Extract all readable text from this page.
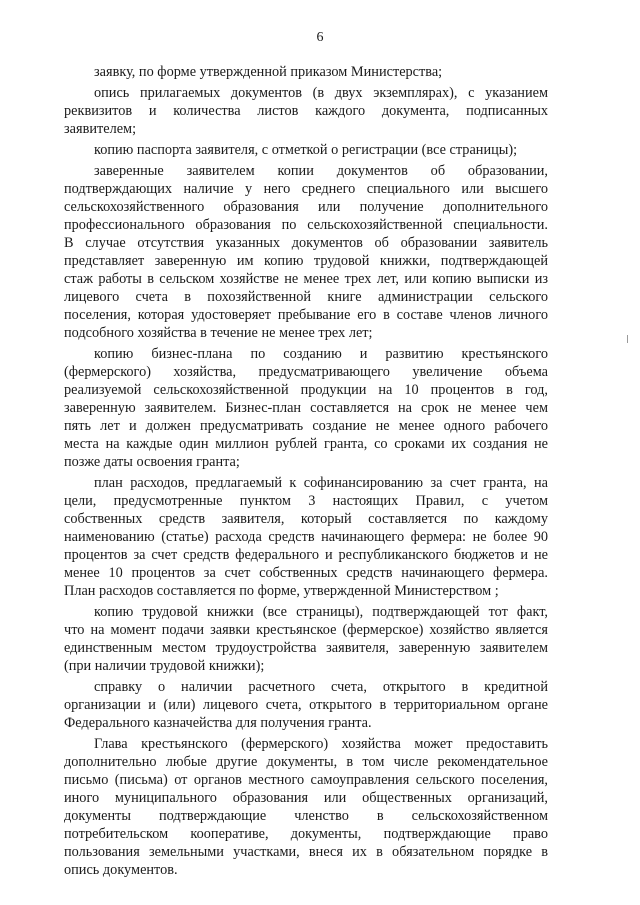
6
заявку, по форме утвержденной приказом Министерства;
опись прилагаемых документов (в двух экземплярах), с указанием
реквизитов и количества листов каждого документа, подписанных
заявителем;
копию паспорта заявителя, с отметкой о регистрации (все страницы);
заверенные заявителем копии документов об образовании,
подтверждающих наличие у него среднего специального или высшего
сельскохозяйственного образования или получение дополнительного
профессионального образования по сельскохозяйственной специальности.
В случае отсутствия указанных документов об образовании заявитель
представляет заверенную им копию трудовой книжки, подтверждающей
стаж работы в сельском хозяйстве не менее трех лет, или копию выписки из
лицевого счета в похозяйственной книге администрации сельского
поселения, которая удостоверяет пребывание его в составе членов личного
подсобного хозяйства в течение не менее трех лет;
копию бизнес-плана по созданию и развитию крестьянского
(фермерского) хозяйства, предусматривающего увеличение объема
реализуемой сельскохозяйственной продукции на 10 процентов в год,
заверенную заявителем. Бизнес-план составляется на срок не менее чем
пять лет и должен предусматривать создание не менее одного рабочего
места на каждые один миллион рублей гранта, со сроками их создания не
позже даты освоения гранта;
план расходов, предлагаемый к софинансированию за счет гранта, на
цели, предусмотренные пунктом 3 настоящих Правил, с учетом
собственных средств заявителя, который составляется по каждому
наименованию (статье) расхода средств начинающего фермера: не более 90
процентов за счет средств федерального и республиканского бюджетов и не
менее 10 процентов за счет собственных средств начинающего фермера.
План расходов составляется по форме, утвержденной Министерством ;
копию трудовой книжки (все страницы), подтверждающей тот факт,
что на момент подачи заявки крестьянское (фермерское) хозяйство является
единственным местом трудоустройства заявителя, заверенную заявителем
(при наличии трудовой книжки);
справку о наличии расчетного счета, открытого в кредитной
организации и (или) лицевого счета, открытого в территориальном органе
Федерального казначейства для получения гранта.
Глава крестьянского (фермерского) хозяйства может предоставить
дополнительно любые другие документы, в том числе рекомендательное
письмо (письма) от органов местного самоуправления сельского поселения,
иного муниципального образования или общественных организаций,
документы подтверждающие членство в сельскохозяйственном
потребительском кооперативе, документы, подтверждающие право
пользования земельными участками, внеся их в обязательном порядке в
опись документов.
